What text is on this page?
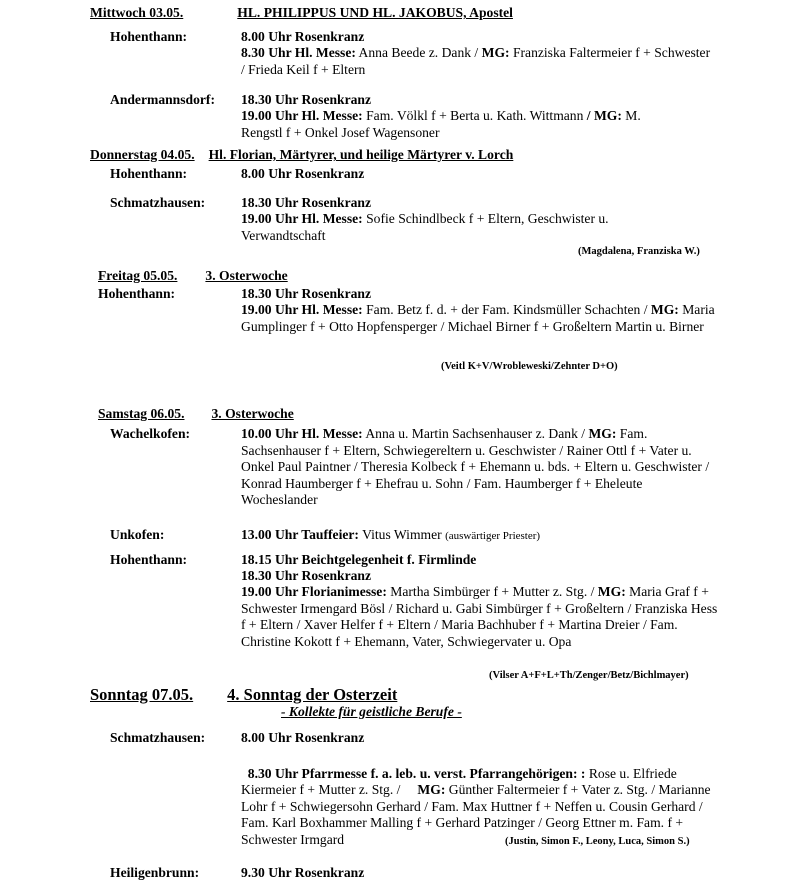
Mittwoch 03.05.	HL. PHILIPPUS UND HL. JAKOBUS, Apostel
Hohenthann:	8.00 Uhr Rosenkranz
8.30 Uhr Hl. Messe: Anna Beede z. Dank / MG: Franziska Faltermeier f + Schwester / Frieda Keil f + Eltern
Andermannsdorf: 18.30 Uhr Rosenkranz
19.00 Uhr Hl. Messe: Fam. Völkl f + Berta u. Kath. Wittmann / MG: M. Rengstl f + Onkel Josef Wagensoner
Donnerstag 04.05. Hl. Florian, Märtyrer, und heilige Märtyrer v. Lorch
Hohenthann:	8.00 Uhr Rosenkranz
Schmatzhausen:	18.30 Uhr Rosenkranz
19.00 Uhr Hl. Messe: Sofie Schindlbeck f + Eltern, Geschwister u. Verwandtschaft
(Magdalena, Franziska W.)
Freitag 05.05. 3. Osterwoche
Hohenthann:	18.30 Uhr Rosenkranz
19.00 Uhr Hl. Messe: Fam. Betz f. d. + der Fam. Kindsmüller Schachten / MG: Maria Gumplinger f + Otto Hopfensperger / Michael Birner f + Großeltern Martin u. Birner
(Veitl K+V/Wrobleweski/Zehnter D+O)
Samstag 06.05. 3. Osterwoche
Wachelkofen:	10.00 Uhr Hl. Messe: Anna u. Martin Sachsenhauser z. Dank / MG: Fam. Sachsenhauser f + Eltern, Schwiegereltern u. Geschwister / Rainer Ottl f + Vater u. Onkel Paul Paintner / Theresia Kolbeck f + Ehemann u. bds. + Eltern u. Geschwister / Konrad Haumberger f + Ehefrau u. Sohn / Fam. Haumberger f + Eheleute Wocheslander
Unkofen:	13.00 Uhr Tauffeier: Vitus Wimmer (auswärtiger Priester)
Hohenthann:	18.15 Uhr Beichtgelegenheit f. Firmlinde
18.30 Uhr Rosenkranz
19.00 Uhr Florianimesse: Martha Simbürger f + Mutter z. Stg. / MG: Maria Graf f + Schwester Irmengard Bösl / Richard u. Gabi Simbürger f + Großeltern / Franziska Hess f + Eltern / Xaver Helfer f + Eltern / Maria Bachhuber f + Martina Dreier / Fam. Christine Kokott f + Ehemann, Vater, Schwiegervater u. Opa
(Vilser A+F+L+Th/Zenger/Betz/Bichlmayer)
Sonntag 07.05. 4. Sonntag der Osterzeit
- Kollekte für geistliche Berufe -
Schmatzhausen:	8.00 Uhr Rosenkranz

8.30 Uhr Pfarrmesse f. a. leb. u. verst. Pfarrangehörigen: : Rose u. Elfriede Kiermeier f + Mutter z. Stg. /     MG: Günther Faltermeier f + Vater z. Stg. / Marianne         Lohr f + Schwiegersohn Gerhard / Fam. Max Huttner f + Neffen u. Cousin Gerhard / Fam. Karl Boxhammer Malling f + Gerhard Patzinger / Georg Ettner m. Fam. f +  Schwester Irmgard	(Justin, Simon F., Leony, Luca, Simon S.)
Heiligenbrunn:	9.30 Uhr Rosenkranz
